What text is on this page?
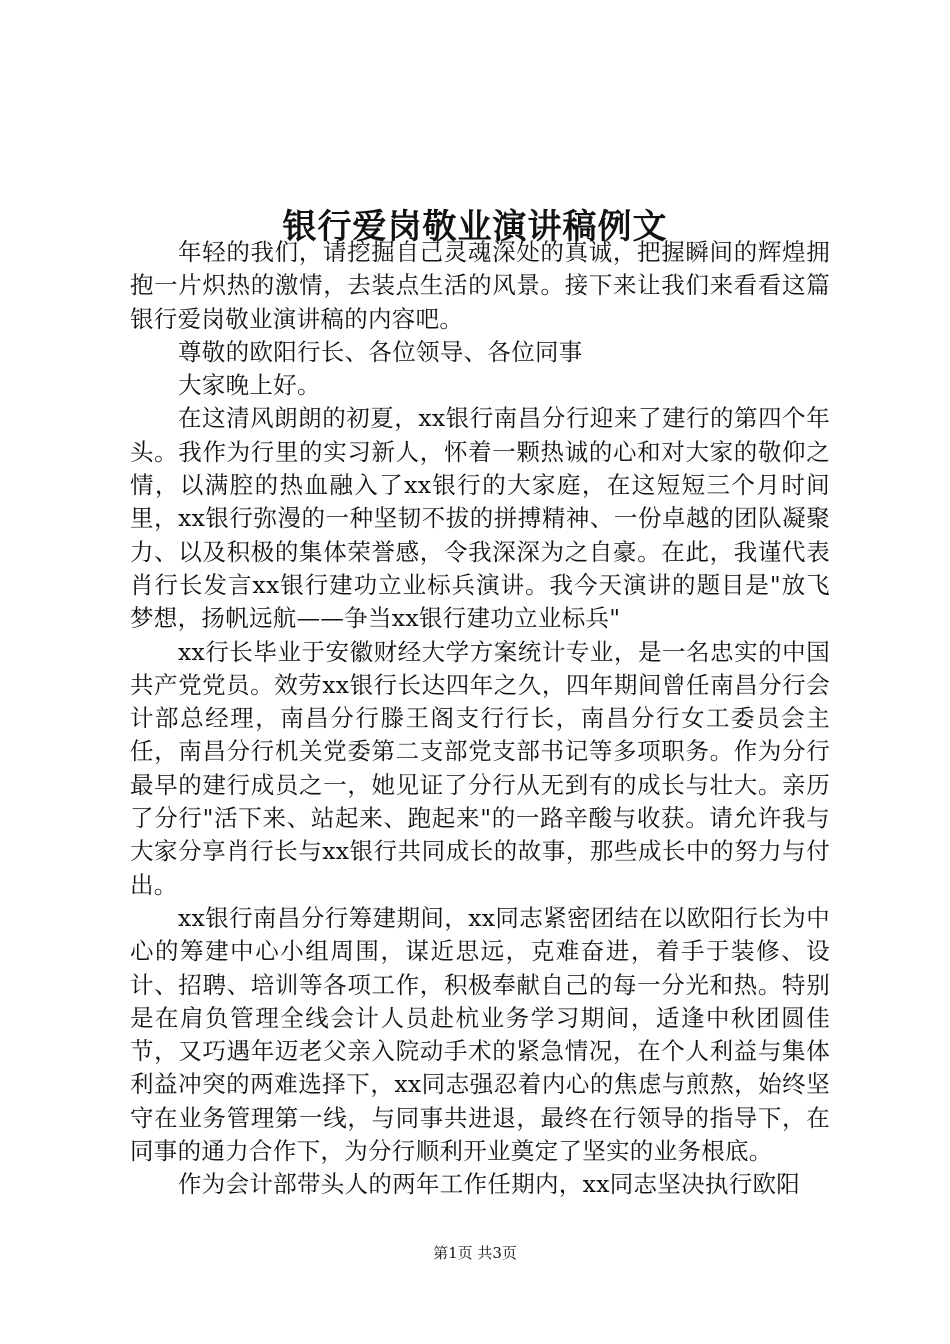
银行爱岗敬业演讲稿例文

年轻的我们，请挖掘自己灵魂深处的真诚，把握瞬间的辉煌拥抱一片炽热的激情，去装点生活的风景。接下来让我们来看看这篇银行爱岗敬业演讲稿的内容吧。

尊敬的欧阳行长、各位领导、各位同事

大家晚上好。

在这清风朗朗的初夏，xx银行南昌分行迎来了建行的第四个年头。我作为行里的实习新人，怀着一颗热诚的心和对大家的敬仰之情，以满腔的热血融入了xx银行的大家庭，在这短短三个月时间里，xx银行弥漫的一种坚韧不拔的拼搏精神、一份卓越的团队凝聚力、以及积极的集体荣誉感，令我深深为之自豪。在此，我谨代表肖行长发言xx银行建功立业标兵演讲。我今天演讲的题目是"放飞梦想，扬帆远航——争当xx银行建功立业标兵"

xx行长毕业于安徽财经大学方案统计专业，是一名忠实的中国共产党党员。效劳xx银行长达四年之久，四年期间曾任南昌分行会计部总经理，南昌分行滕王阁支行行长，南昌分行女工委员会主任，南昌分行机关党委第二支部党支部书记等多项职务。作为分行最早的建行成员之一，她见证了分行从无到有的成长与壮大。亲历了分行"活下来、站起来、跑起来"的一路辛酸与收获。请允许我与大家分享肖行长与xx银行共同成长的故事，那些成长中的努力与付出。

xx银行南昌分行筹建期间，xx同志紧密团结在以欧阳行长为中心的筹建中心小组周围，谋近思远，克难奋进，着手于装修、设计、招聘、培训等各项工作，积极奉献自己的每一分光和热。特别是在肩负管理全线会计人员赴杭业务学习期间，适逢中秋团圆佳节，又巧遇年迈老父亲入院动手术的紧急情况，在个人利益与集体利益冲突的两难选择下，xx同志强忍着内心的焦虑与煎熬，始终坚守在业务管理第一线，与同事共进退，最终在行领导的指导下，在同事的通力合作下，为分行顺利开业奠定了坚实的业务根底。

作为会计部带头人的两年工作任期内，xx同志坚决执行欧阳

第1页 共3页
